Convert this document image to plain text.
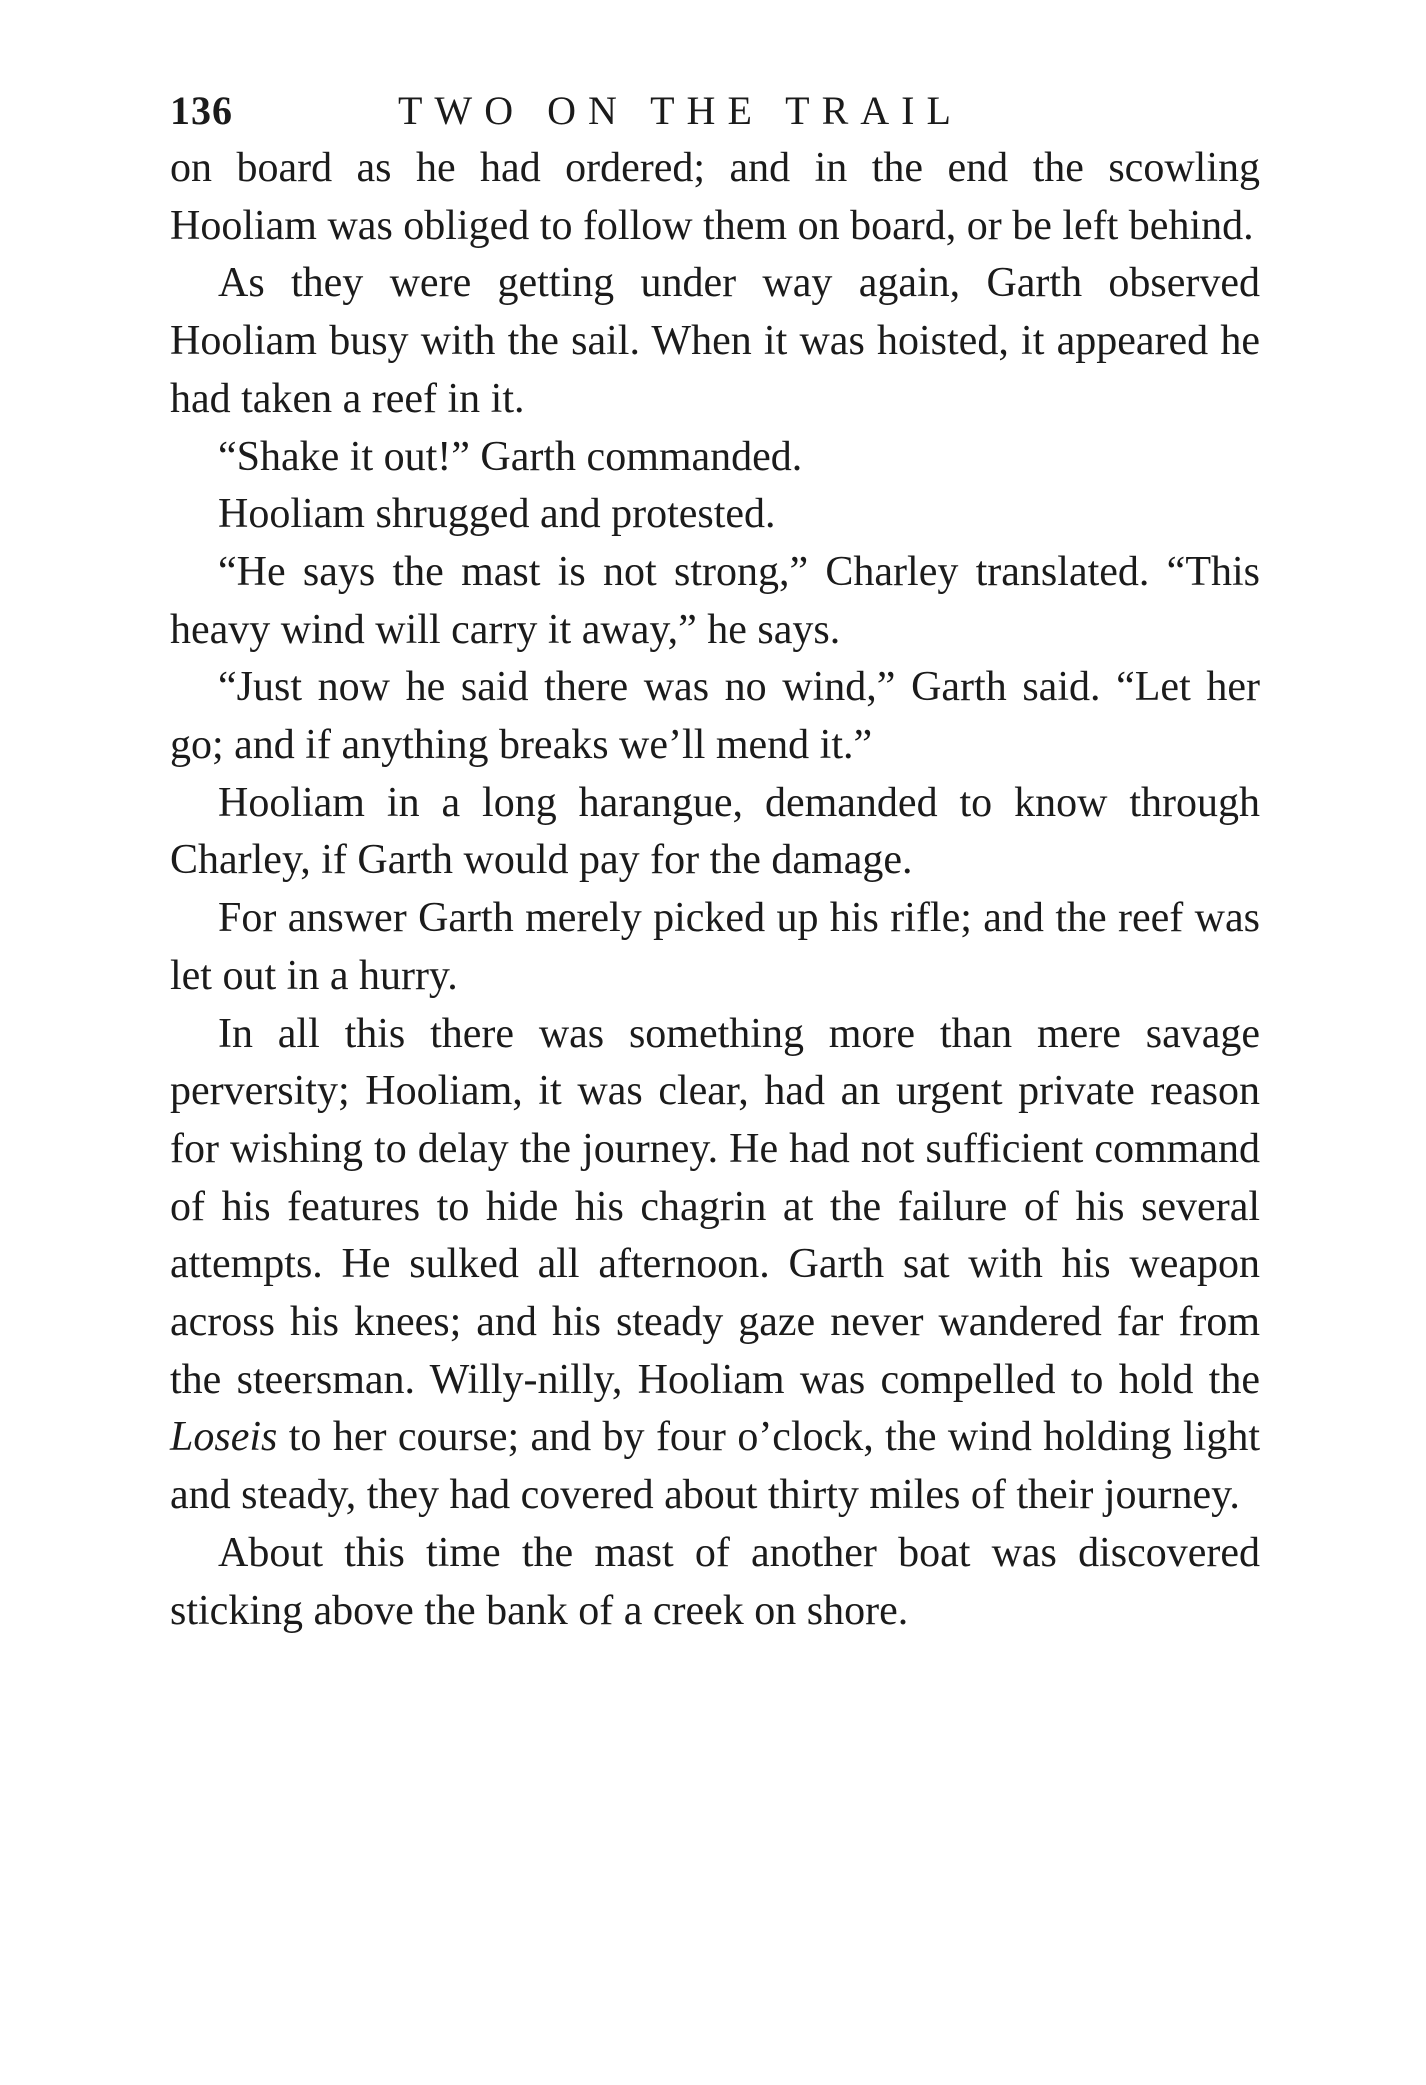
136	TWO ON THE TRAIL

on board as he had ordered; and in the end the scowling Hooliam was obliged to follow them on board, or be left behind.

As they were getting under way again, Garth observed Hooliam busy with the sail. When it was hoisted, it appeared he had taken a reef in it.

“Shake it out!” Garth commanded.

Hooliam shrugged and protested.

“He says the mast is not strong,” Charley translated. “This heavy wind will carry it away,” he says.

“Just now he said there was no wind,” Garth said. “Let her go; and if anything breaks we’ll mend it.”

Hooliam in a long harangue, demanded to know through Charley, if Garth would pay for the damage.

For answer Garth merely picked up his rifle; and the reef was let out in a hurry.

In all this there was something more than mere savage perversity; Hooliam, it was clear, had an urgent private reason for wishing to delay the journey. He had not sufficient command of his features to hide his chagrin at the failure of his several attempts. He sulked all afternoon. Garth sat with his weapon across his knees; and his steady gaze never wandered far from the steersman. Willy-nilly, Hooliam was compelled to hold the Loseis to her course; and by four o’clock, the wind holding light and steady, they had covered about thirty miles of their journey.

About this time the mast of another boat was discovered sticking above the bank of a creek on shore.
